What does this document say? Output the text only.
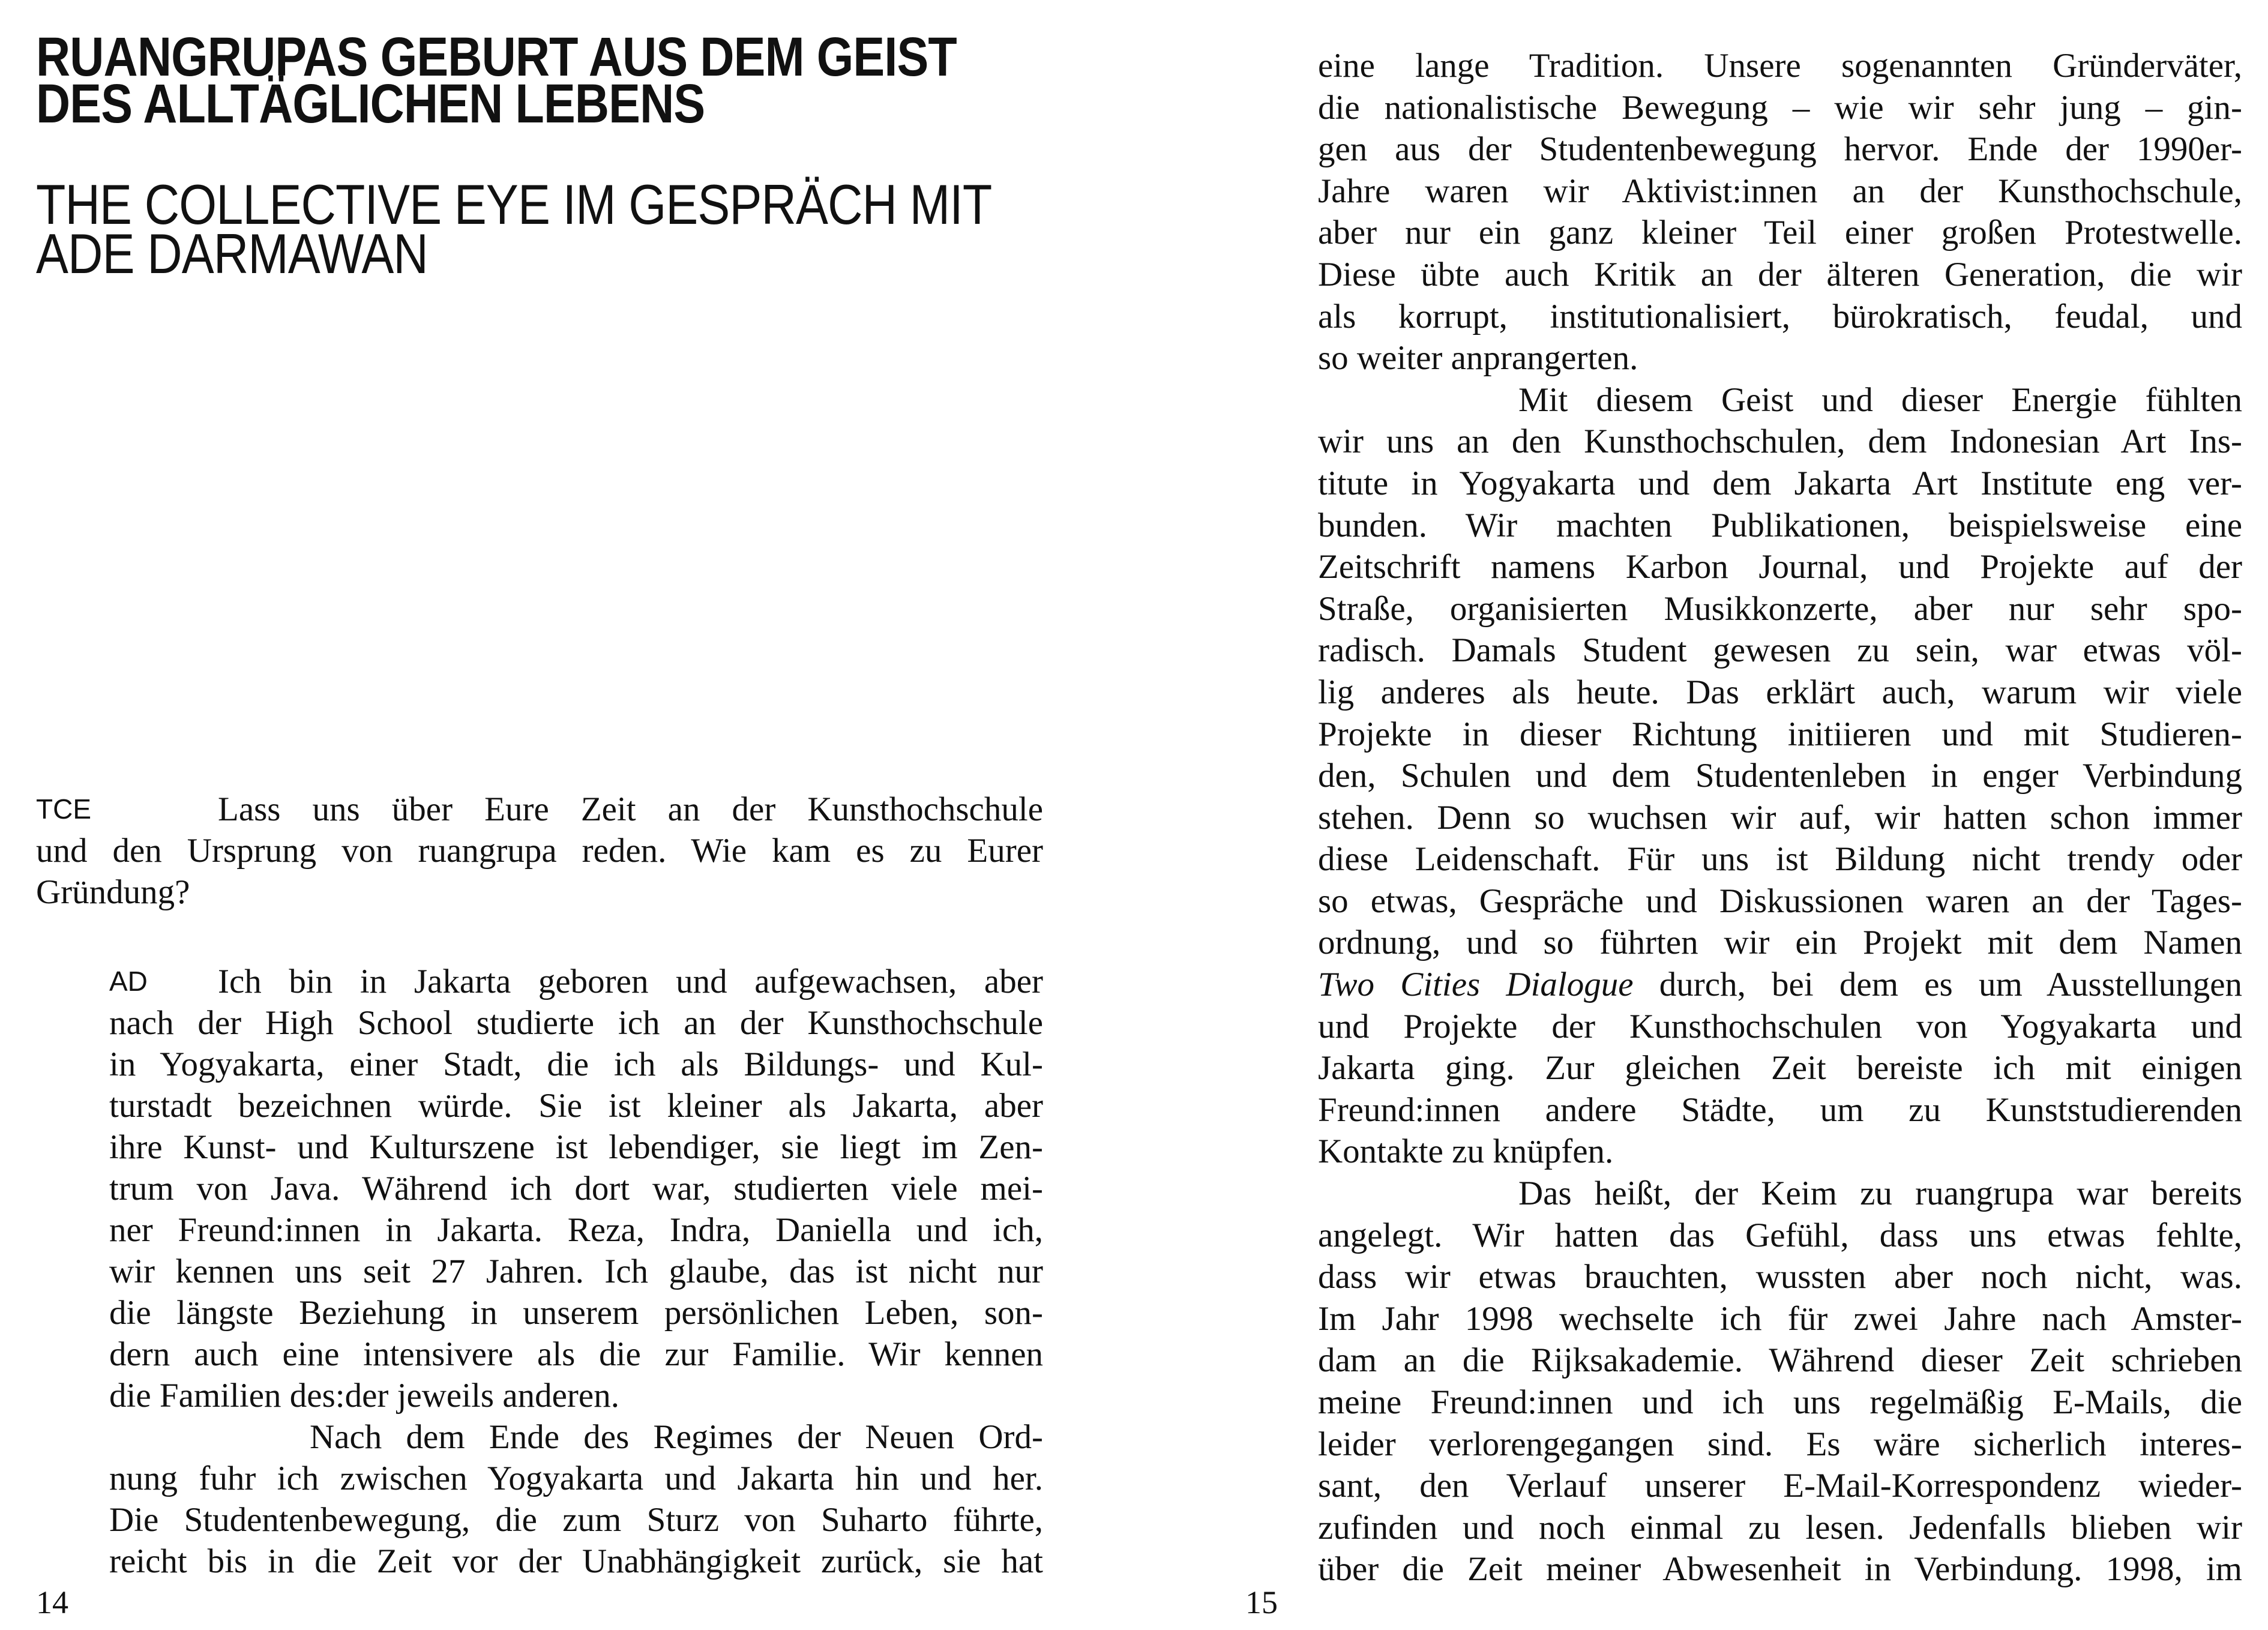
RUANGRUPAS GEBURT AUS DEM GEIST
DES ALLTÄGLICHEN LEBENS
THE COLLECTIVE EYE IM GESPRÄCH MIT
ADE DARMAWAN
TCE	Lass uns über Eure Zeit an der Kunsthochschule
und den Ursprung von ruangrupa reden. Wie kam es zu Eurer
Gründung?
AD	Ich bin in Jakarta geboren und aufgewachsen, aber
nach der High School studierte ich an der Kunsthochschule
in Yogyakarta, einer Stadt, die ich als Bildungs- und Kul-
turstadt bezeichnen würde. Sie ist kleiner als Jakarta, aber
ihre Kunst- und Kulturszene ist lebendiger, sie liegt im Zen-
trum von Java. Während ich dort war, studierten viele mei-
ner Freund:innen in Jakarta. Reza, Indra, Daniella und ich,
wir kennen uns seit 27 Jahren. Ich glaube, das ist nicht nur
die längste Beziehung in unserem persönlichen Leben, son-
dern auch eine intensivere als die zur Familie. Wir kennen
die Familien des:der jeweils anderen.
Nach dem Ende des Regimes der Neuen Ord-
nung fuhr ich zwischen Yogyakarta und Jakarta hin und her.
Die Studentenbewegung, die zum Sturz von Suharto führte,
reicht bis in die Zeit vor der Unabhängigkeit zurück, sie hat
14
eine lange Tradition. Unsere sogenannten Gründerväter,
die nationalistische Bewegung – wie wir sehr jung – gin-
gen aus der Studentenbewegung hervor. Ende der 1990er-
Jahre waren wir Aktivist:innen an der Kunsthochschule,
aber nur ein ganz kleiner Teil einer großen Protestwelle.
Diese übte auch Kritik an der älteren Generation, die wir
als korrupt, institutionalisiert, bürokratisch, feudal, und
so weiter anprangerten.
Mit diesem Geist und dieser Energie fühlten
wir uns an den Kunsthochschulen, dem Indonesian Art Ins-
titute in Yogyakarta und dem Jakarta Art Institute eng ver-
bunden. Wir machten Publikationen, beispielsweise eine
Zeitschrift namens Karbon Journal, und Projekte auf der
Straße, organisierten Musikkonzerte, aber nur sehr spo-
radisch. Damals Student gewesen zu sein, war etwas völ-
lig anderes als heute. Das erklärt auch, warum wir viele
Projekte in dieser Richtung initiieren und mit Studieren-
den, Schulen und dem Studentenleben in enger Verbindung
stehen. Denn so wuchsen wir auf, wir hatten schon immer
diese Leidenschaft. Für uns ist Bildung nicht trendy oder
so etwas, Gespräche und Diskussionen waren an der Tages-
ordnung, und so führten wir ein Projekt mit dem Namen
Two Cities Dialogue durch, bei dem es um Ausstellungen
und Projekte der Kunsthochschulen von Yogyakarta und
Jakarta ging. Zur gleichen Zeit bereiste ich mit einigen
Freund:innen andere Städte, um zu Kunststudierenden
Kontakte zu knüpfen.
Das heißt, der Keim zu ruangrupa war bereits
angelegt. Wir hatten das Gefühl, dass uns etwas fehlte,
dass wir etwas brauchten, wussten aber noch nicht, was.
Im Jahr 1998 wechselte ich für zwei Jahre nach Amster-
dam an die Rijksakademie. Während dieser Zeit schrieben
meine Freund:innen und ich uns regelmäßig E-Mails, die
leider verlorengegangen sind. Es wäre sicherlich interes-
sant, den Verlauf unserer E-Mail-Korrespondenz wieder-
zufinden und noch einmal zu lesen. Jedenfalls blieben wir
über die Zeit meiner Abwesenheit in Verbindung. 1998, im
15
